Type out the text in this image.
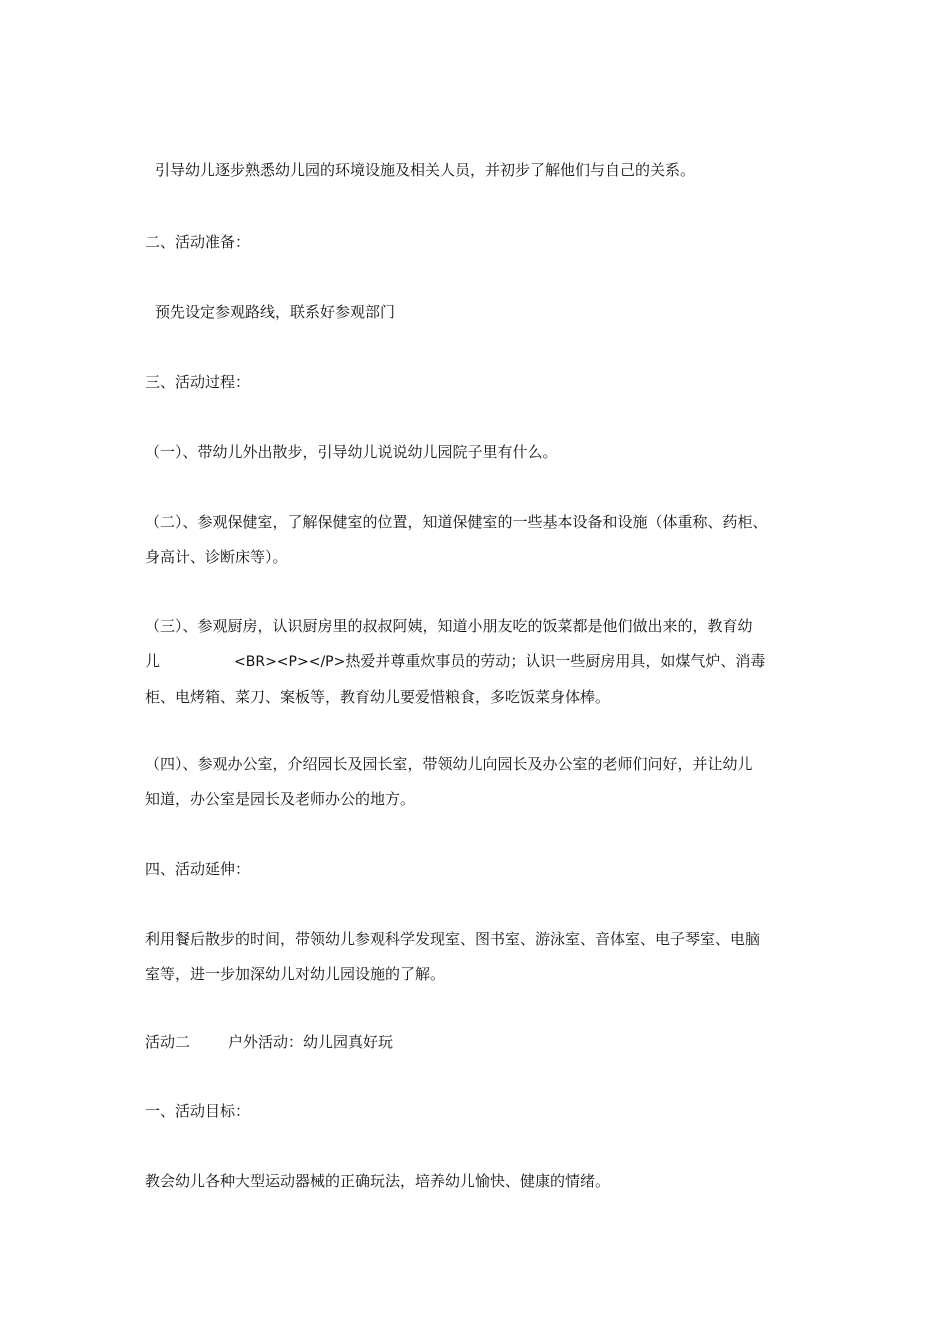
引导幼儿逐步熟悉幼儿园的环境设施及相关人员，并初步了解他们与自己的关系。

二、活动准备：

预先设定参观路线，联系好参观部门

三、活动过程：

（一）、带幼儿外出散步，引导幼儿说说幼儿园院子里有什么。

（二）、参观保健室，了解保健室的位置，知道保健室的一些基本设备和设施（体重称、药柜、
身高计、诊断床等）。

（三）、参观厨房，认识厨房里的叔叔阿姨，知道小朋友吃的饭菜都是他们做出来的，教育幼
儿	<BR><P></P>热爱并尊重炊事员的劳动；认识一些厨房用具，如煤气炉、消毒
柜、电烤箱、菜刀、案板等，教育幼儿要爱惜粮食，多吃饭菜身体棒。

（四）、参观办公室，介绍园长及园长室，带领幼儿向园长及办公室的老师们问好，并让幼儿
知道，办公室是园长及老师办公的地方。

四、活动延伸：

利用餐后散步的时间，带领幼儿参观科学发现室、图书室、游泳室、音体室、电子琴室、电脑
室等，进一步加深幼儿对幼儿园设施的了解。

活动二	户外活动：幼儿园真好玩

一、活动目标：

教会幼儿各种大型运动器械的正确玩法，培养幼儿愉快、健康的情绪。
